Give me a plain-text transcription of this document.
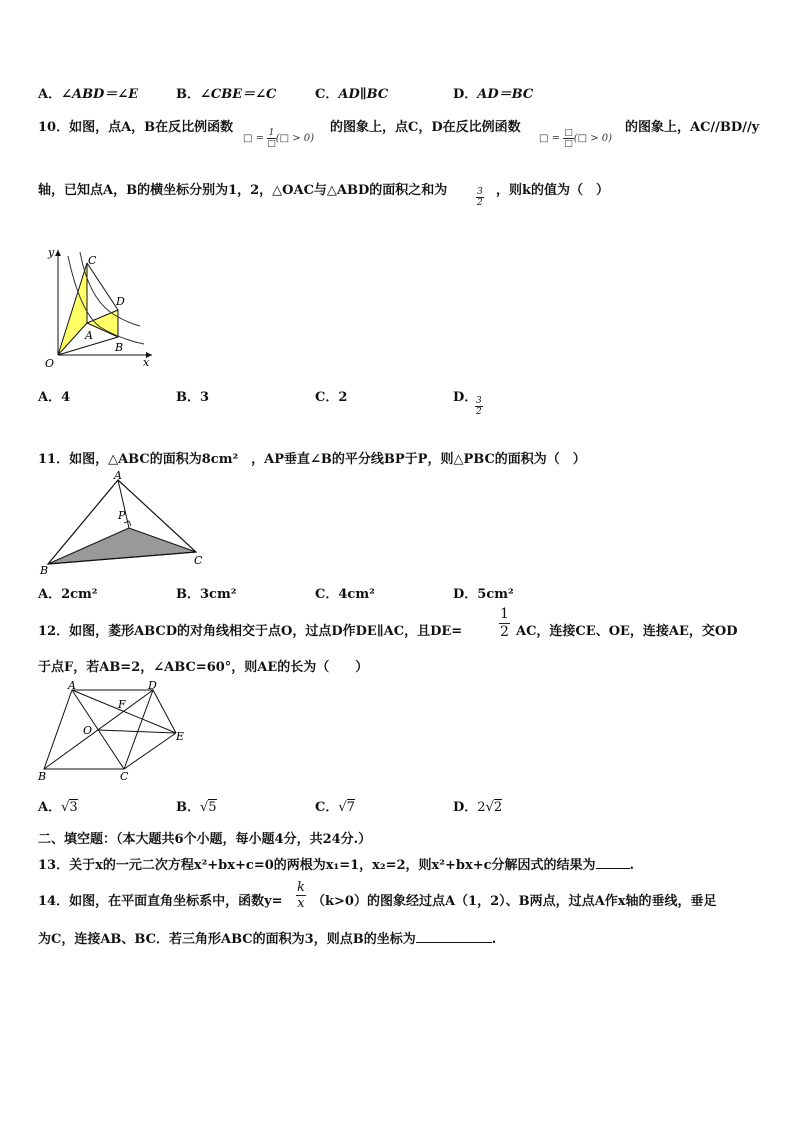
A．∠ABD＝∠E	B．∠CBE＝∠C	C．AD∥BC	D．AD＝BC
10．如图，点A，B在反比例函数
□ = $\frac{1}{□}$ (□ > 0)
的图象上，点C，D在反比例函数
□ = $\frac{□}{□}$ (□ > 0)
的图象上，AC//BD//y
轴，已知点A，B的横坐标分别为1，2，△OAC与△ABD的面积之和为	$\frac{3}{2}$ ，则k的值为（　）
y
x
O
C
D
A
B
A．4	B．3	C．2	D．
$\frac{3}{2}$
11．如图，△ABC的面积为8cm²　，AP垂直∠B的平分线BP于P，则△PBC的面积为（　）
A
P
B
C
A．2cm²	B．3cm²	C．4cm²	D．5cm²
12．如图，菱形ABCD的对角线相交于点O，过点D作DE∥AC，且DE=	$\frac{1}{2}$ AC，连接CE、OE，连接AE，交OD
于点F，若AB=2，∠ABC=60°，则AE的长为（　　）
A	D
F
O	E
B	C
A．√3	B．√5	C．√7	D．2√2
二、填空题：（本大题共6个小题，每小题4分，共24分.）
13．关于x的一元二次方程x²+bx+c=0的两根为x₁=1，x₂=2，则x²+bx+c分解因式的结果为	.
14．如图，在平面直角坐标系中，函数$y= \frac{k}{x} (k>0)$的图象经过点A（1，2）、B两点，过点A作x轴的垂线，垂足
为C，连接AB、BC．若三角形ABC的面积为3，则点B的坐标为	.
